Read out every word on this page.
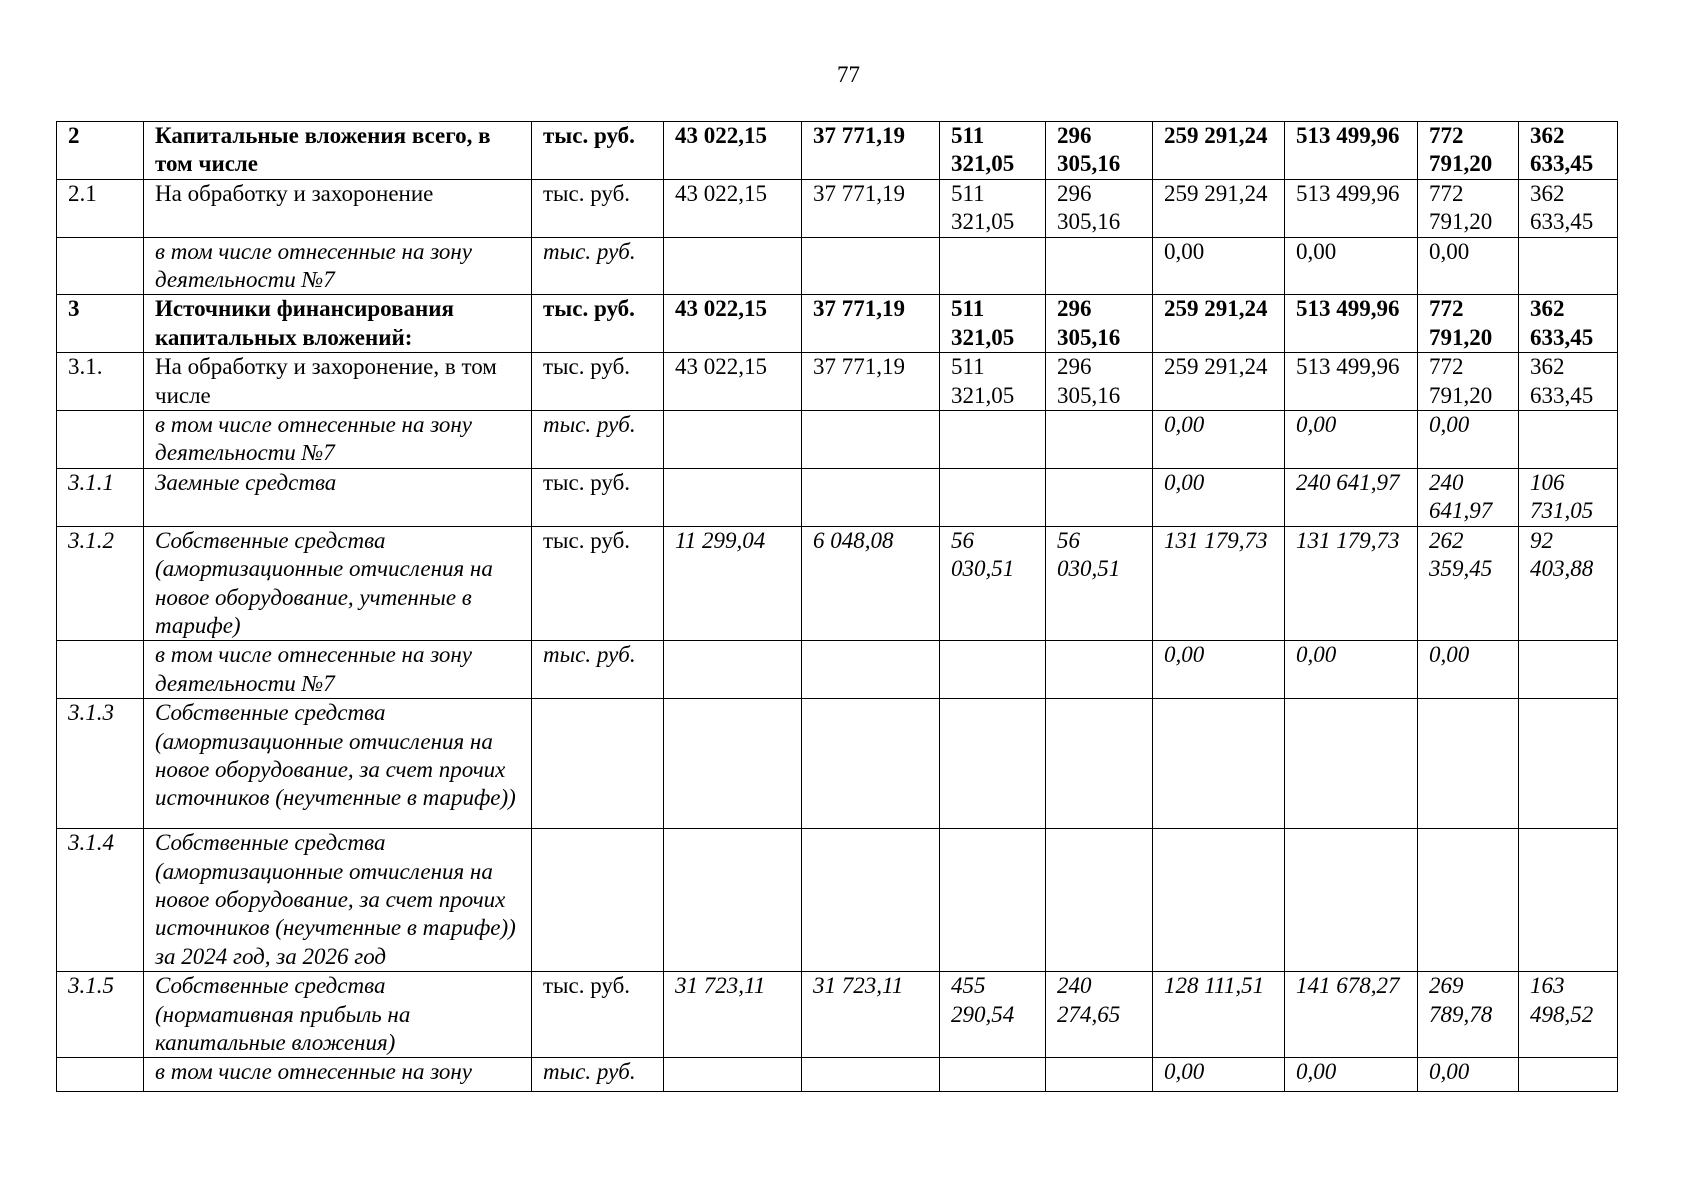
77
2	Капитальные вложения всего, в том числе	тыс. руб.	43 022,15	37 771,19	511 321,05	296 305,16	259 291,24	513 499,96	772 791,20	362 633,45
2.1	На обработку и захоронение	тыс. руб.	43 022,15	37 771,19	511 321,05	296 305,16	259 291,24	513 499,96	772 791,20	362 633,45
	в том числе отнесенные на зону деятельности №7	тыс. руб.					0,00	0,00	0,00	
3	Источники финансирования капитальных вложений:	тыс. руб.	43 022,15	37 771,19	511 321,05	296 305,16	259 291,24	513 499,96	772 791,20	362 633,45
3.1.	На обработку и захоронение, в том числе	тыс. руб.	43 022,15	37 771,19	511 321,05	296 305,16	259 291,24	513 499,96	772 791,20	362 633,45
	в том числе отнесенные на зону деятельности №7	тыс. руб.					0,00	0,00	0,00	
3.1.1	Заемные средства	тыс. руб.					0,00	240 641,97	240 641,97	106 731,05
3.1.2	Собственные средства (амортизационные отчисления на новое оборудование, учтенные в тарифе)	тыс. руб.	11 299,04	6 048,08	56 030,51	56 030,51	131 179,73	131 179,73	262 359,45	92 403,88
	в том числе отнесенные на зону деятельности №7	тыс. руб.					0,00	0,00	0,00	
3.1.3	Собственные средства (амортизационные отчисления на новое оборудование, за счет прочих источников (неучтенные в тарифе))									
3.1.4	Собственные средства (амортизационные отчисления на новое оборудование, за счет прочих источников (неучтенные в тарифе)) за 2024 год, за 2026 год									
3.1.5	Собственные средства (нормативная прибыль на капитальные вложения)	тыс. руб.	31 723,11	31 723,11	455 290,54	240 274,65	128 111,51	141 678,27	269 789,78	163 498,52
	в том числе отнесенные на зону	тыс. руб.					0,00	0,00	0,00	
